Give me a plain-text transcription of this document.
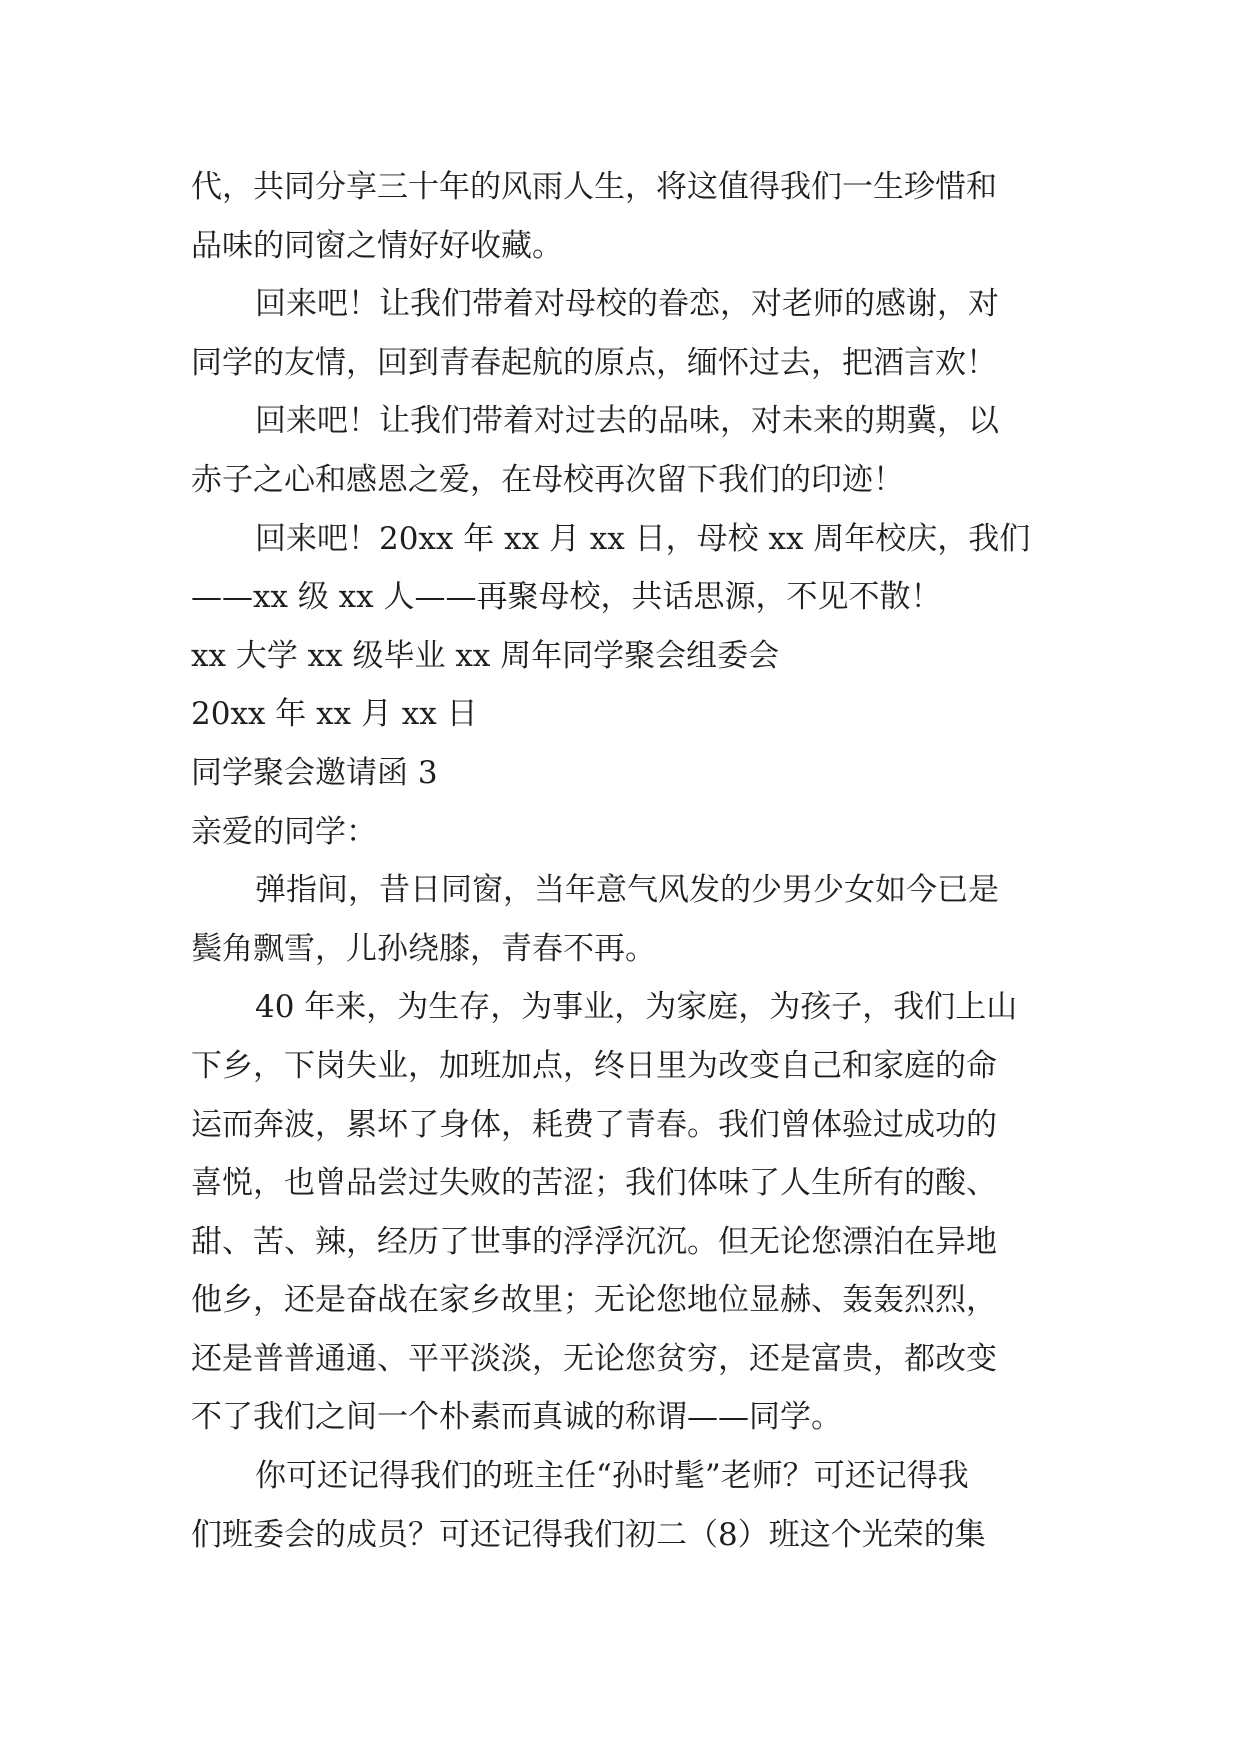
代，共同分享三十年的风雨人生，将这值得我们一生珍惜和
品味的同窗之情好好收藏。
回来吧！让我们带着对母校的眷恋，对老师的感谢，对
同学的友情，回到青春起航的原点，缅怀过去，把酒言欢！
回来吧！让我们带着对过去的品味，对未来的期冀，以
赤子之心和感恩之爱，在母校再次留下我们的印迹！
回来吧！20xx 年 xx 月 xx 日，母校 xx 周年校庆，我们
——xx 级 xx 人——再聚母校，共话思源，不见不散！
xx 大学 xx 级毕业 xx 周年同学聚会组委会
20xx 年 xx 月 xx 日
同学聚会邀请函 3
亲爱的同学：
弹指间，昔日同窗，当年意气风发的少男少女如今已是
鬓角飘雪，儿孙绕膝，青春不再。
40 年来，为生存，为事业，为家庭，为孩子，我们上山
下乡，下岗失业，加班加点，终日里为改变自己和家庭的命
运而奔波，累坏了身体，耗费了青春。我们曾体验过成功的
喜悦，也曾品尝过失败的苦涩；我们体味了人生所有的酸、
甜、苦、辣，经历了世事的浮浮沉沉。但无论您漂泊在异地
他乡，还是奋战在家乡故里；无论您地位显赫、轰轰烈烈，
还是普普通通、平平淡淡，无论您贫穷，还是富贵，都改变
不了我们之间一个朴素而真诚的称谓——同学。
你可还记得我们的班主任“孙时髦”老师？可还记得我
们班委会的成员？可还记得我们初二（8）班这个光荣的集
